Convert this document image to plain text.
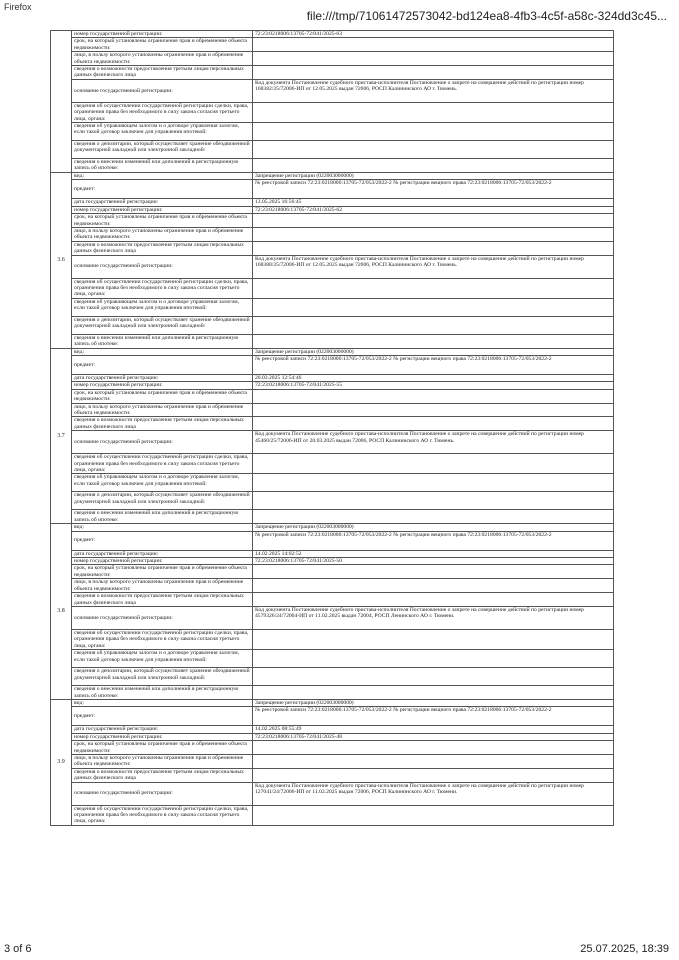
Firefox
file:///tmp/71061472573042-bd124ea8-4fb3-4c5f-a58c-324dd3c45...
	номер государственной регистрации:	72:23:0218006:13705-72/041/2025-63
	срок, на который установлены ограничение прав и обременение объекта недвижимости:	
	лицо, в пользу которого установлены ограничение прав и обременение объекта недвижимости:	
	сведения о возможности предоставления третьим лицам персональных данных физического лица	
	основание государственной регистрации:	Код документа Постановление судебного пристава-исполнителя Постановление о запрете на совершение действий по регистрации номер 168382/25/72006-ИП от 12.05.2025 выдан 72006, РОСП Калининского АО г. Тюмень.
	сведения об осуществлении государственной регистрации сделки, права, ограничения права без необходимого в силу закона согласия третьего лица, органа:	
	сведения об управляющем залогом и о договоре управления залогом, если такой договор заключен для управления ипотекой:	
	сведения о депозитарии, который осуществляет хранение обездвиженной документарной закладной или электронной закладной:	
	сведения о внесении изменений или дополнений в регистрационную запись об ипотеке:	
3.6	вид:	Запрещение регистрации (022003000000)
	предмет:	№ реестровой записи 72:23:0218006:13705-72/053/2022-2 № регистрации вещного права 72:23:0218006:13705-72/053/2022-2
	дата государственной регистрации:	13.05.2025 16:56:45
	номер государственной регистрации:	72:23:0218006:13705-72/041/2025-62
	срок, на который установлены ограничение прав и обременение объекта недвижимости:	
	лицо, в пользу которого установлены ограничение прав и обременение объекта недвижимости:	
	сведения о возможности предоставления третьим лицам персональных данных физического лица	
	основание государственной регистрации:	Код документа Постановление судебного пристава-исполнителя Постановление о запрете на совершение действий по регистрации номер 168380/25/72006-ИП от 12.05.2025 выдан 72006, РОСП Калининского АО г. Тюмень.
	сведения об осуществлении государственной регистрации сделки, права, ограничения права без необходимого в силу закона согласия третьего лица, органа:	
	сведения об управляющем залогом и о договоре управления залогом, если такой договор заключен для управления ипотекой:	
	сведения о депозитарии, который осуществляет хранение обездвиженной документарной закладной или электронной закладной:	
	сведения о внесении изменений или дополнений в регистрационную запись об ипотеке:	
3.7	вид:	Запрещение регистрации (022003000000)
	предмет:	№ реестровой записи 72:23:0218006:13705-72/053/2022-2 № регистрации вещного права 72:23:0218006:13705-72/053/2022-2
	дата государственной регистрации:	20.03.2025 12:54:46
	номер государственной регистрации:	72:23:0218006:13705-72/041/2025-55
	срок, на который установлены ограничение прав и обременение объекта недвижимости:	
	лицо, в пользу которого установлены ограничение прав и обременение объекта недвижимости:	
	сведения о возможности предоставления третьим лицам персональных данных физического лица	
	основание государственной регистрации:	Код документа Постановление судебного пристава-исполнителя Постановление о запрете на совершение действий по регистрации номер 45460/25/72006-ИП от 20.03.2025 выдан 72006, РОСП Калининского АО г. Тюмень.
	сведения об осуществлении государственной регистрации сделки, права, ограничения права без необходимого в силу закона согласия третьего лица, органа:	
	сведения об управляющем залогом и о договоре управления залогом, если такой договор заключен для управления ипотекой:	
	сведения о депозитарии, который осуществляет хранение обездвиженной документарной закладной или электронной закладной:	
	сведения о внесении изменений или дополнений в регистрационную запись об ипотеке:	
3.8	вид:	Запрещение регистрации (022003000000)
	предмет:	№ реестровой записи 72:23:0218006:13705-72/053/2022-2 № регистрации вещного права 72:23:0218006:13705-72/053/2022-2
	дата государственной регистрации:	14.02.2025 14:02:52
	номер государственной регистрации:	72:23:0218006:13705-72/041/2025-50
	срок, на который установлены ограничение прав и обременение объекта недвижимости:	
	лицо, в пользу которого установлены ограничение прав и обременение объекта недвижимости:	
	сведения о возможности предоставления третьим лицам персональных данных физического лица	
	основание государственной регистрации:	Код документа Постановление судебного пристава-исполнителя Постановление о запрете на совершение действий по регистрации номер 4579326/24/72004-ИП от 11.02.2025 выдан 72004, РОСП Ленинского АО г. Тюмени.
	сведения об осуществлении государственной регистрации сделки, права, ограничения права без необходимого в силу закона согласия третьего лица, органа:	
	сведения об управляющем залогом и о договоре управления залогом, если такой договор заключен для управления ипотекой:	
	сведения о депозитарии, который осуществляет хранение обездвиженной документарной закладной или электронной закладной:	
	сведения о внесении изменений или дополнений в регистрационную запись об ипотеке:	
3.9	вид:	Запрещение регистрации (022003000000)
	предмет:	№ реестровой записи 72:23:0218006:13705-72/053/2022-2 № регистрации вещного права 72:23:0218006:13705-72/053/2022-2
	дата государственной регистрации:	14.02.2025 08:55:49
	номер государственной регистрации:	72:23:0218006:13705-72/041/2025-48
	срок, на который установлены ограничение прав и обременение объекта недвижимости:	
	лицо, в пользу которого установлены ограничение прав и обременение объекта недвижимости:	
	сведения о возможности предоставления третьим лицам персональных данных физического лица	
	основание государственной регистрации:	Код документа Постановление судебного пристава-исполнителя Постановление о запрете на совершение действий по регистрации номер 127041/24/72006-ИП от 11.02.2025 выдан 72006, РОСП Калининского АО г. Тюмени.
	сведения об осуществлении государственной регистрации сделки, права, ограничения права без необходимого в силу закона согласия третьего лица, органа:	
3 of 6	25.07.2025, 18:39
